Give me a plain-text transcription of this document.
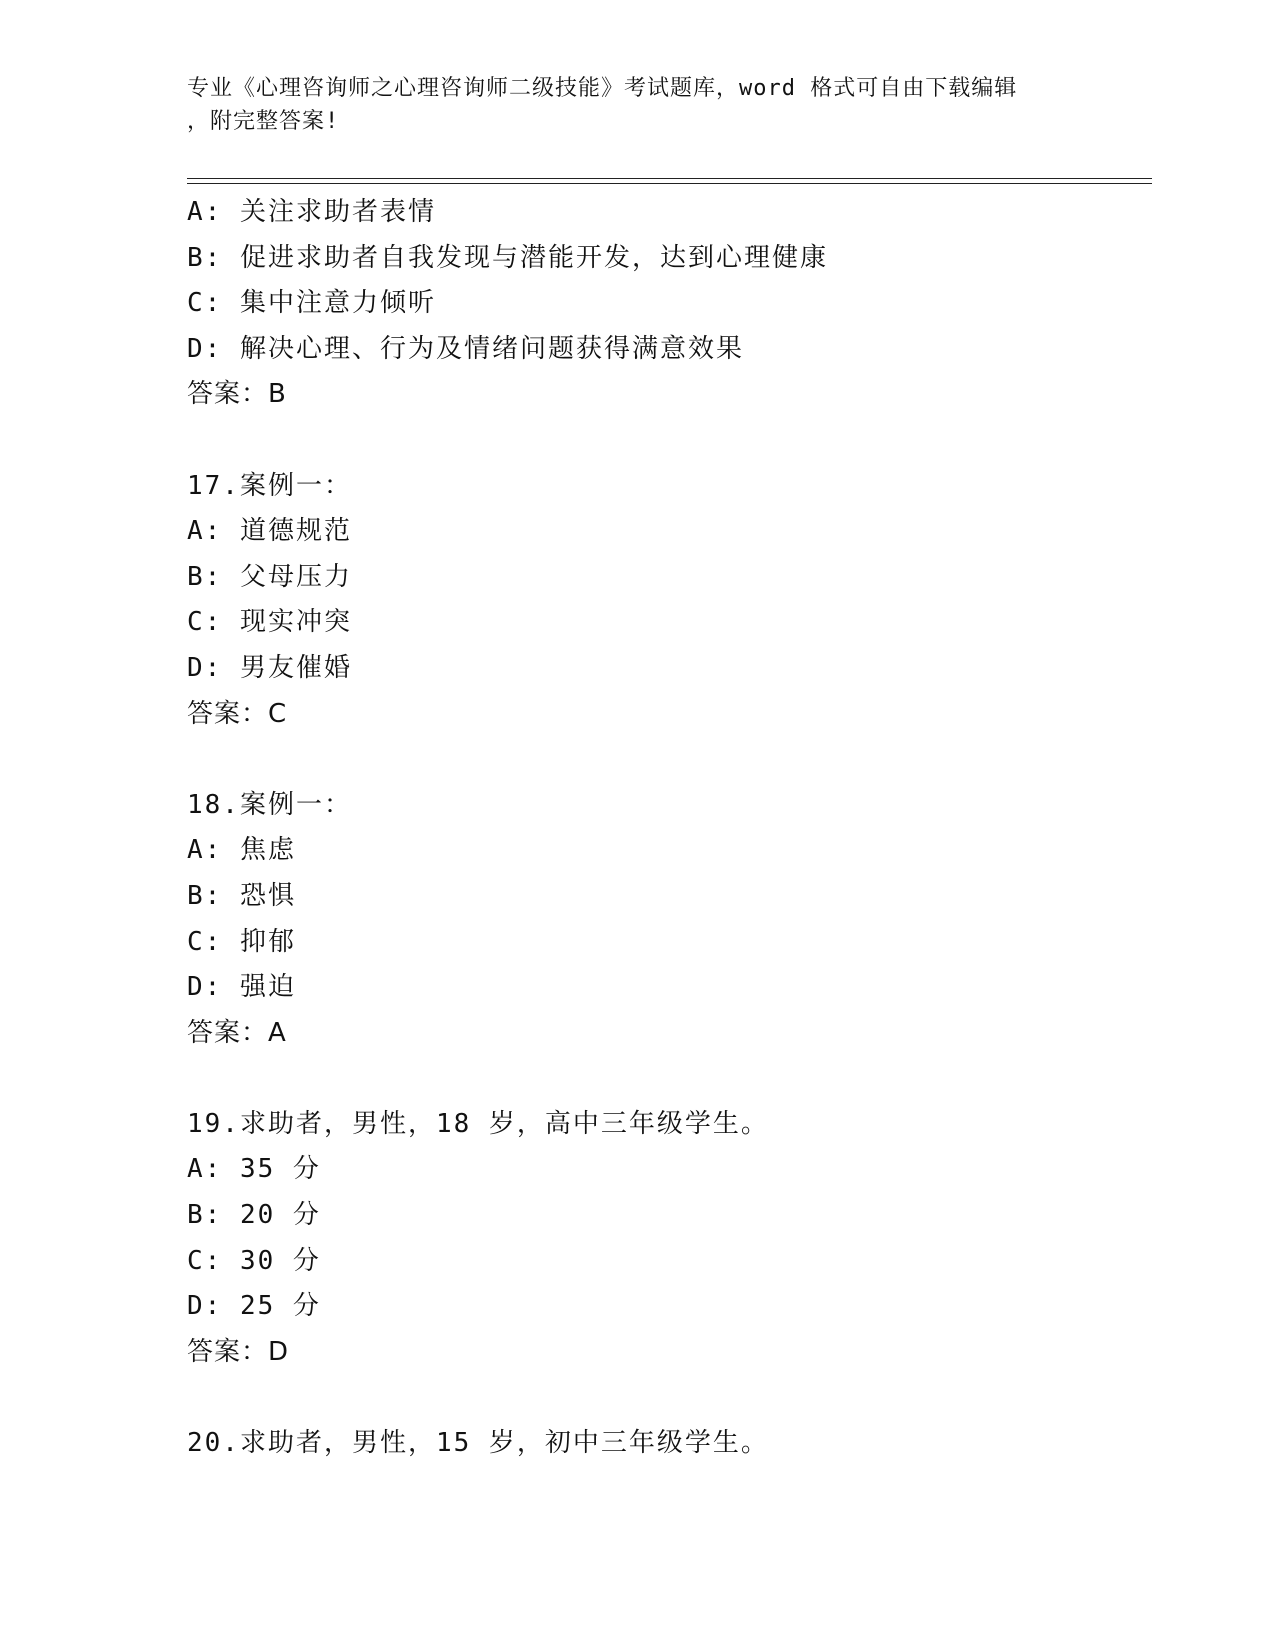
专业《心理咨询师之心理咨询师二级技能》考试题库，word 格式可自由下载编辑
，附完整答案!
A: 关注求助者表情
B: 促进求助者自我发现与潜能开发，达到心理健康
C: 集中注意力倾听
D: 解决心理、行为及情绪问题获得满意效果
答案：B
17.案例一：
A: 道德规范
B: 父母压力
C: 现实冲突
D: 男友催婚
答案：C
18.案例一：
A: 焦虑
B: 恐惧
C: 抑郁
D: 强迫
答案：A
19.求助者，男性，18 岁，高中三年级学生。
A: 35 分
B: 20 分
C: 30 分
D: 25 分
答案：D
20.求助者，男性，15 岁，初中三年级学生。
